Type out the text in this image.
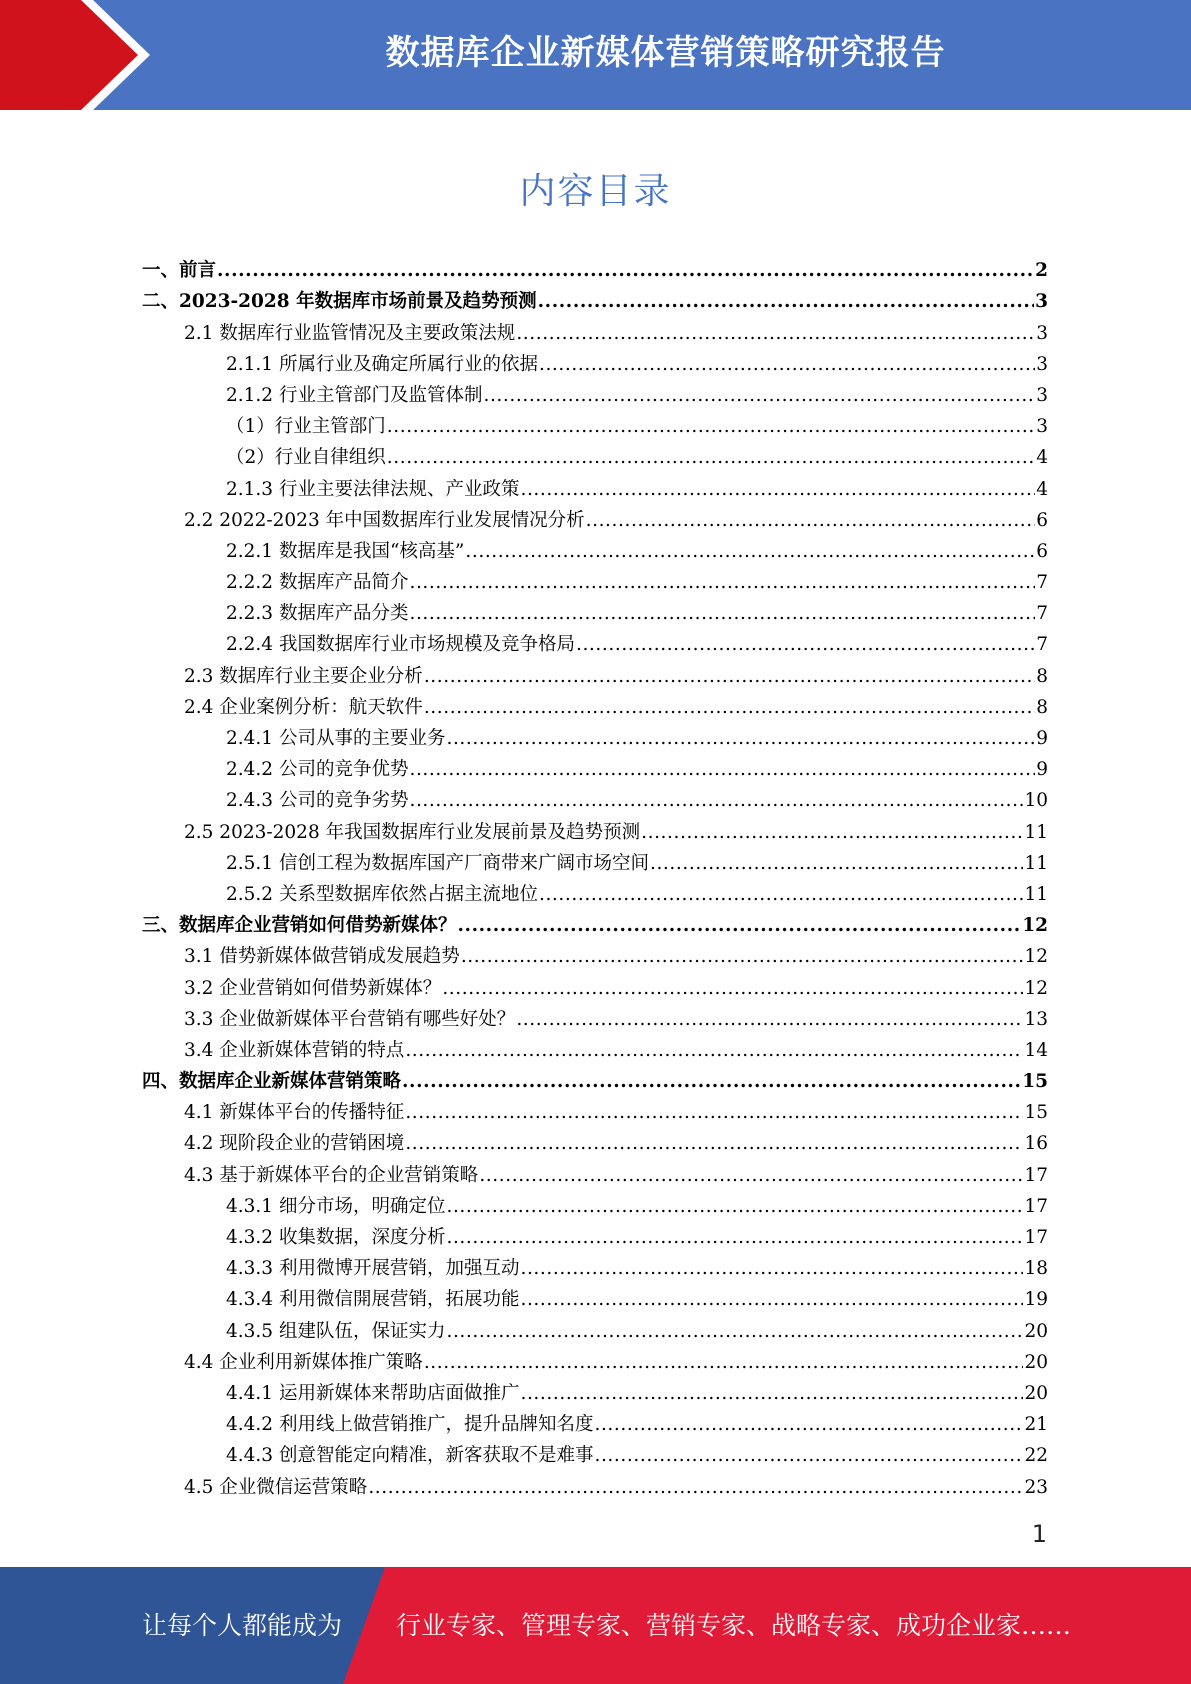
数据库企业新媒体营销策略研究报告
内容目录
一、前言 .....	2
二、2023-2028 年数据库市场前景及趋势预测 .....	3
2.1 数据库行业监管情况及主要政策法规 .....	3
2.1.1 所属行业及确定所属行业的依据 .....	3
2.1.2 行业主管部门及监管体制 .....	3
（1）行业主管部门 .....	3
（2）行业自律组织 .....	4
2.1.3 行业主要法律法规、产业政策 .....	4
2.2 2022-2023 年中国数据库行业发展情况分析 .....	6
2.2.1 数据库是我国“核高基” .....	6
2.2.2 数据库产品简介 .....	7
2.2.3 数据库产品分类 .....	7
2.2.4 我国数据库行业市场规模及竞争格局 .....	7
2.3 数据库行业主要企业分析 .....	8
2.4 企业案例分析：航天软件 .....	8
2.4.1 公司从事的主要业务 .....	9
2.4.2 公司的竞争优势 .....	9
2.4.3 公司的竞争劣势 .....	10
2.5 2023-2028 年我国数据库行业发展前景及趋势预测 .....	11
2.5.1 信创工程为数据库国产厂商带来广阔市场空间 .....	11
2.5.2 关系型数据库依然占据主流地位 .....	11
三、数据库企业营销如何借势新媒体？ .....	12
3.1 借势新媒体做营销成发展趋势 .....	12
3.2 企业营销如何借势新媒体？ .....	12
3.3 企业做新媒体平台营销有哪些好处？ .....	13
3.4 企业新媒体营销的特点 .....	14
四、数据库企业新媒体营销策略 .....	15
4.1 新媒体平台的传播特征 .....	15
4.2 现阶段企业的营销困境 .....	16
4.3 基于新媒体平台的企业营销策略 .....	17
4.3.1 细分市场，明确定位 .....	17
4.3.2 收集数据，深度分析 .....	17
4.3.3 利用微博开展营销，加强互动 .....	18
4.3.4 利用微信開展营销，拓展功能 .....	19
4.3.5 组建队伍，保证实力 .....	20
4.4 企业利用新媒体推广策略 .....	20
4.4.1 运用新媒体来帮助店面做推广 .....	20
4.4.2 利用线上做营销推广，提升品牌知名度 .....	21
4.4.3 创意智能定向精准，新客获取不是难事 .....	22
4.5 企业微信运营策略 .....	23
1
让每个人都能成为 行业专家、管理专家、营销专家、战略专家、成功企业家……
